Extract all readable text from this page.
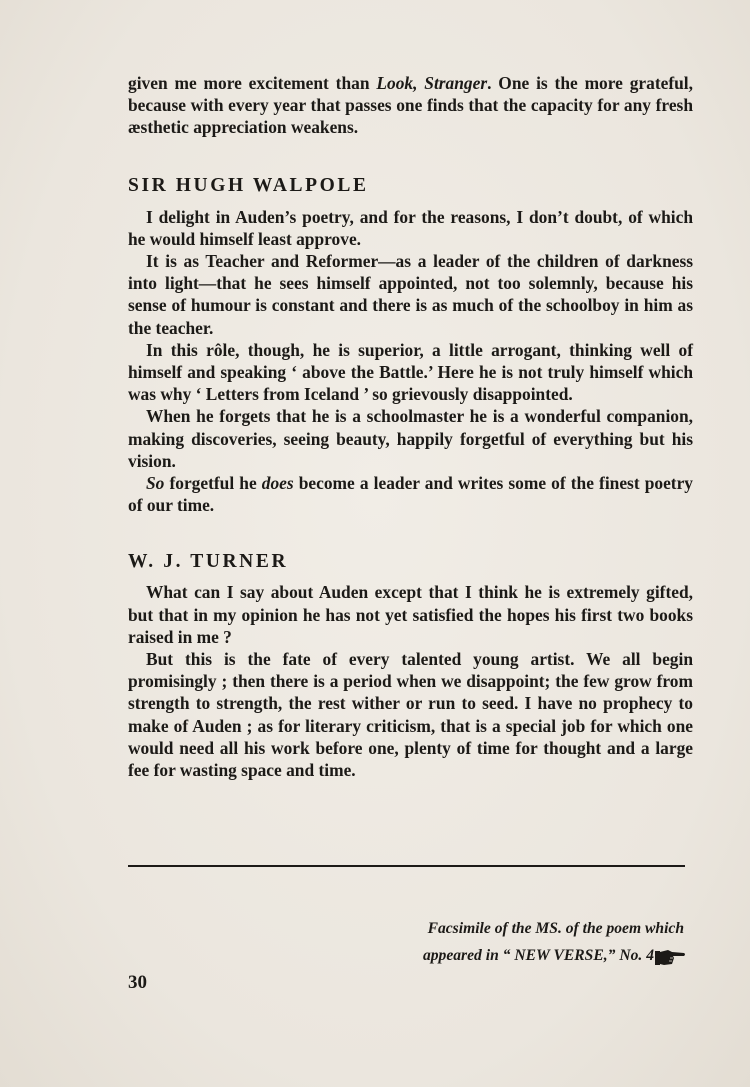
given me more excitement than Look, Stranger. One is the more grateful, because with every year that passes one finds that the capacity for any fresh æsthetic appreciation weakens.

SIR HUGH WALPOLE

I delight in Auden’s poetry, and for the reasons, I don’t doubt, of which he would himself least approve.

It is as Teacher and Reformer—as a leader of the children of darkness into light—that he sees himself appointed, not too solemnly, because his sense of humour is constant and there is as much of the schoolboy in him as the teacher.

In this rôle, though, he is superior, a little arrogant, thinking well of himself and speaking ‘ above the Battle.’ Here he is not truly himself which was why ‘ Letters from Iceland ’ so grievously disappointed.

When he forgets that he is a schoolmaster he is a wonderful companion, making discoveries, seeing beauty, happily forgetful of everything but his vision.

So forgetful he does become a leader and writes some of the finest poetry of our time.

W. J. TURNER

What can I say about Auden except that I think he is extremely gifted, but that in my opinion he has not yet satisfied the hopes his first two books raised in me ?

But this is the fate of every talented young artist. We all begin promisingly ; then there is a period when we disappoint; the few grow from strength to strength, the rest wither or run to seed. I have no prophecy to make of Auden ; as for literary criticism, that is a special job for which one would need all his work before one, plenty of time for thought and a large fee for wasting space and time.

Facsimile of the MS. of the poem which
appeared in “ NEW VERSE,” No. 4
30
